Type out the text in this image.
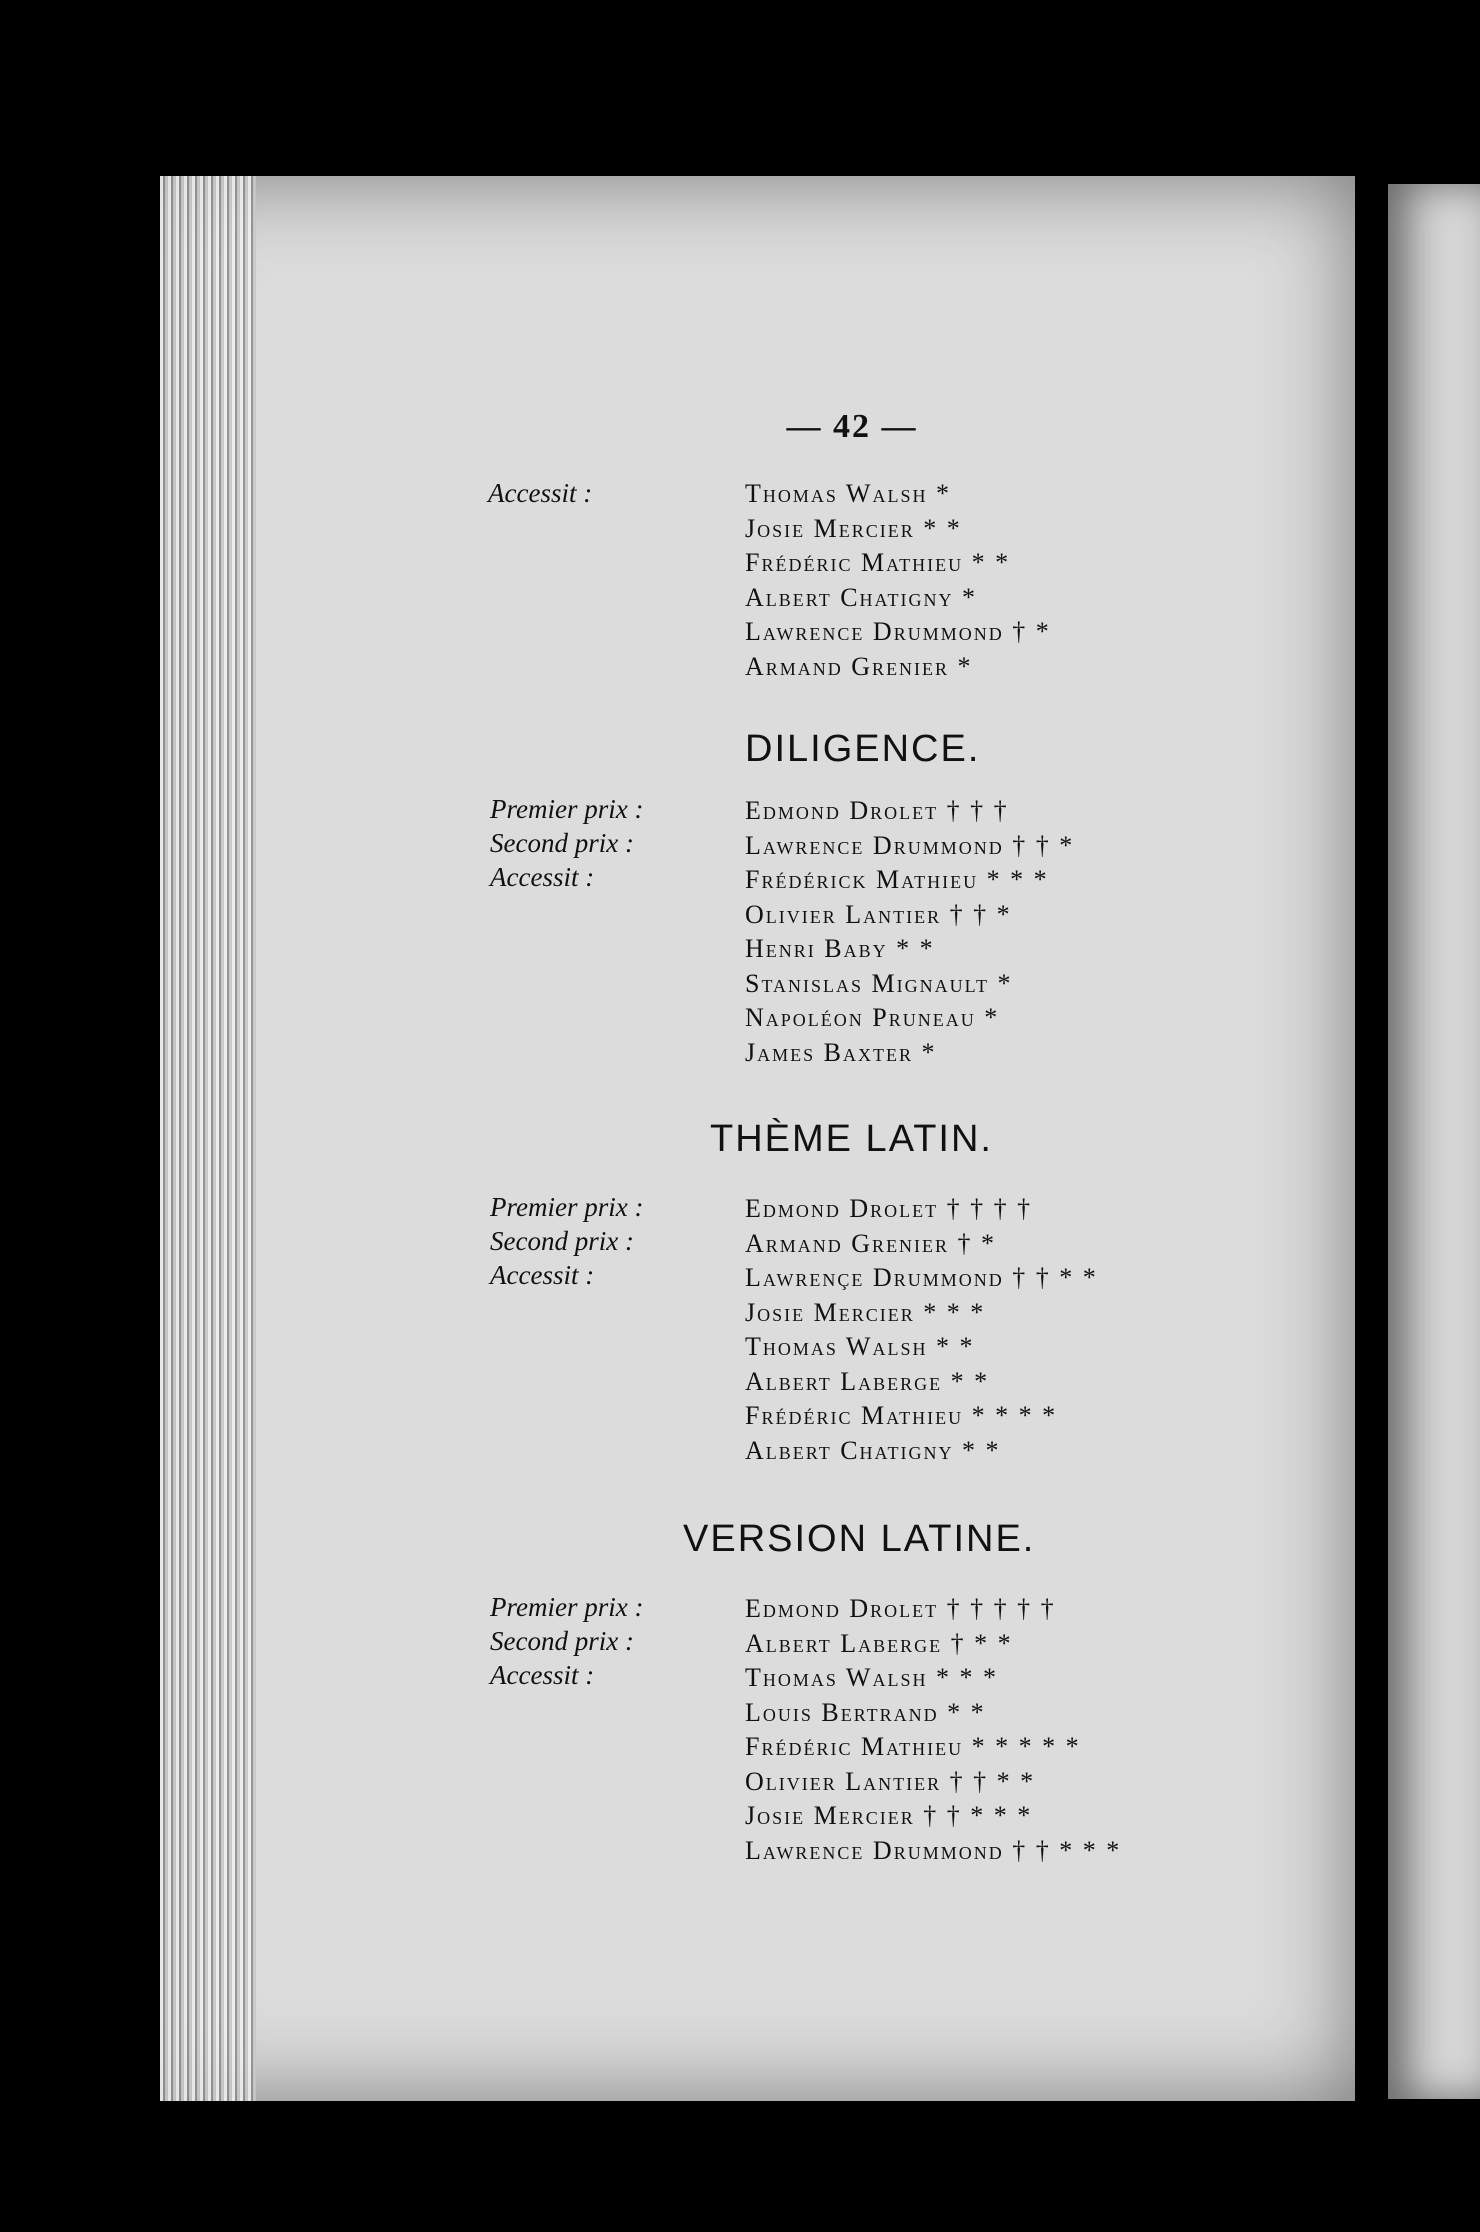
— 42 —
Accessit :	Thomas Walsh *
Josie Mercier * *
Frédéric Mathieu * *
Albert Chatigny *
Lawrence Drummond † *
Armand Grenier *
DILIGENCE.
Premier prix :
Second prix :
Accessit :
Edmond Drolet † † †
Lawrence Drummond † † *
Frédérick Mathieu * * *
Olivier Lantier † † *
Henri Baby * *
Stanislas Mignault *
Napoléon Pruneau *
James Baxter *
THÈME LATIN.
Premier prix :
Second prix :
Accessit :
Edmond Drolet † † † †
Armand Grenier † *
Lawrençe Drummond † † * *
Josie Mercier * * *
Thomas Walsh * *
Albert Laberge * *
Frédéric Mathieu * * * *
Albert Chatigny * *
VERSION LATINE.
Premier prix :
Second prix :
Accessit :
Edmond Drolet † † † † †
Albert Laberge † * *
Thomas Walsh * * *
Louis Bertrand * *
Frédéric Mathieu * * * * *
Olivier Lantier † † * *
Josie Mercier † † * * *
Lawrence Drummond † † * * *
